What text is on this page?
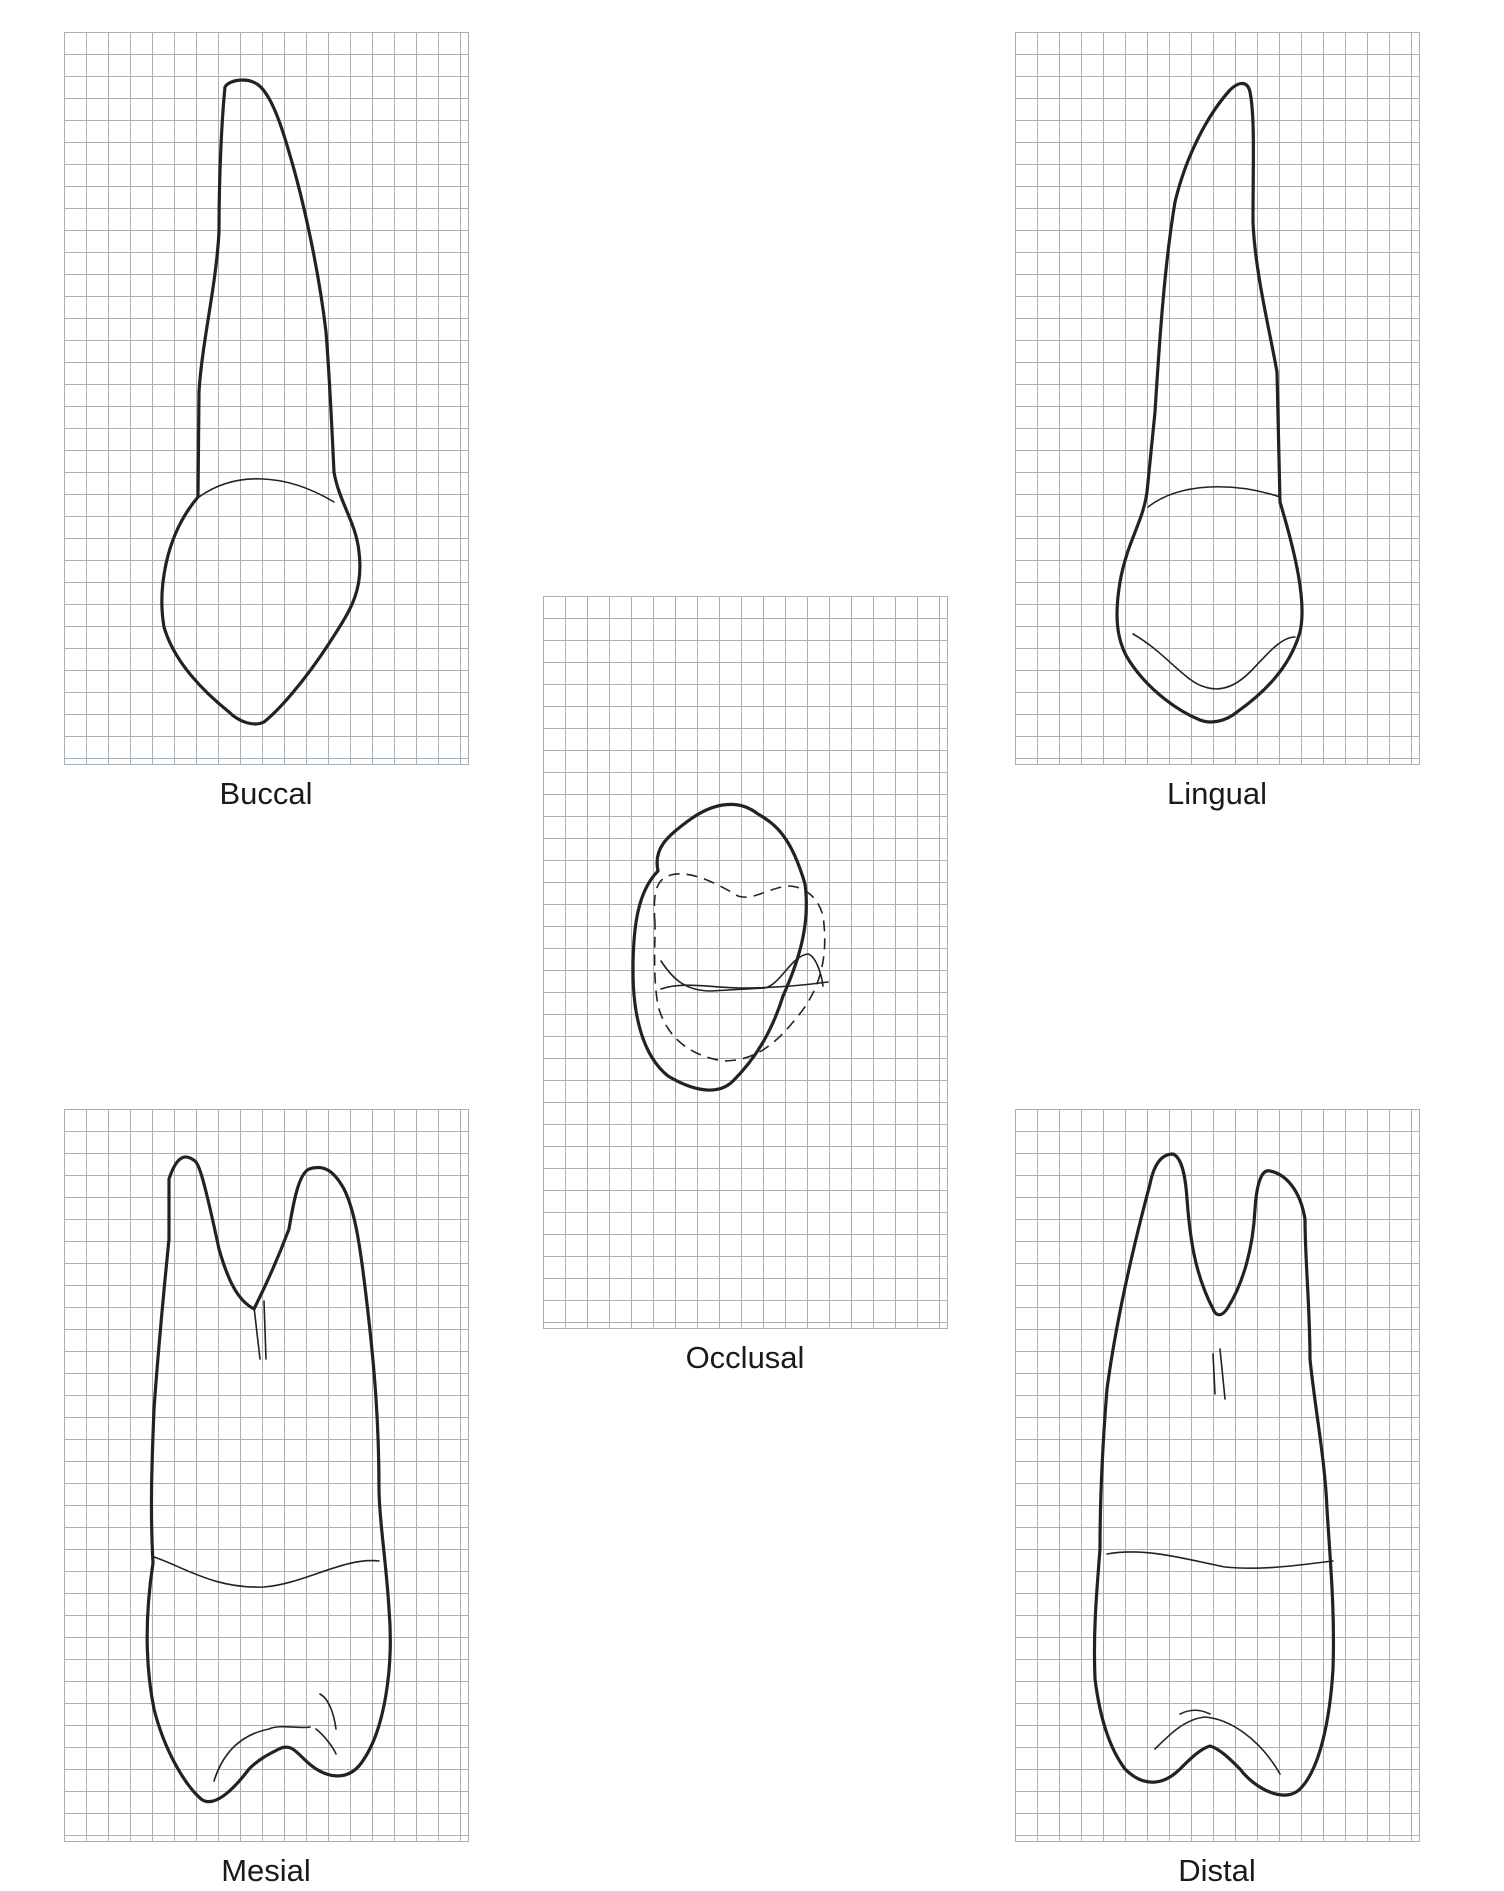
Buccal	Lingual
Occlusal
Mesial	Distal
